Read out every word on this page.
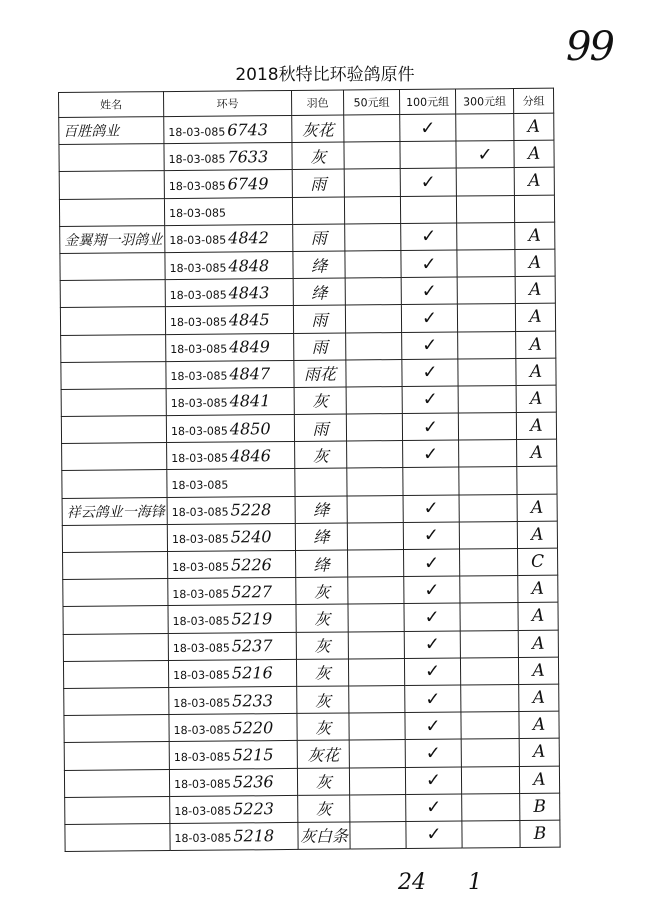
99
2018秋特比环验鸽原件
姓名	环号	羽色	50元组	100元组	300元组	分组

百胜鸽业	18-03-085 6743	灰花		✓		A

	18-03-085 7633	灰			✓	A

	18-03-085 6749	雨		✓		A

	18-03-085					

金翼翔一羽鸽业	18-03-085 4842	雨		✓		A

	18-03-085 4848	绛		✓		A

	18-03-085 4843	绛		✓		A

	18-03-085 4845	雨		✓		A

	18-03-085 4849	雨		✓		A

	18-03-085 4847	雨花		✓		A

	18-03-085 4841	灰		✓		A

	18-03-085 4850	雨		✓		A

	18-03-085 4846	灰		✓		A

	18-03-085					

祥云鸽业一海锋	18-03-085 5228	绛		✓		A

	18-03-085 5240	绛		✓		A

	18-03-085 5226	绛		✓		C

	18-03-085 5227	灰		✓		A

	18-03-085 5219	灰		✓		A

	18-03-085 5237	灰		✓		A

	18-03-085 5216	灰		✓		A

	18-03-085 5233	灰		✓		A

	18-03-085 5220	灰		✓		A

	18-03-085 5215	灰花		✓		A

	18-03-085 5236	灰		✓		A

	18-03-085 5223	灰		✓		B

	18-03-085 5218	灰白条		✓		B
24 1
